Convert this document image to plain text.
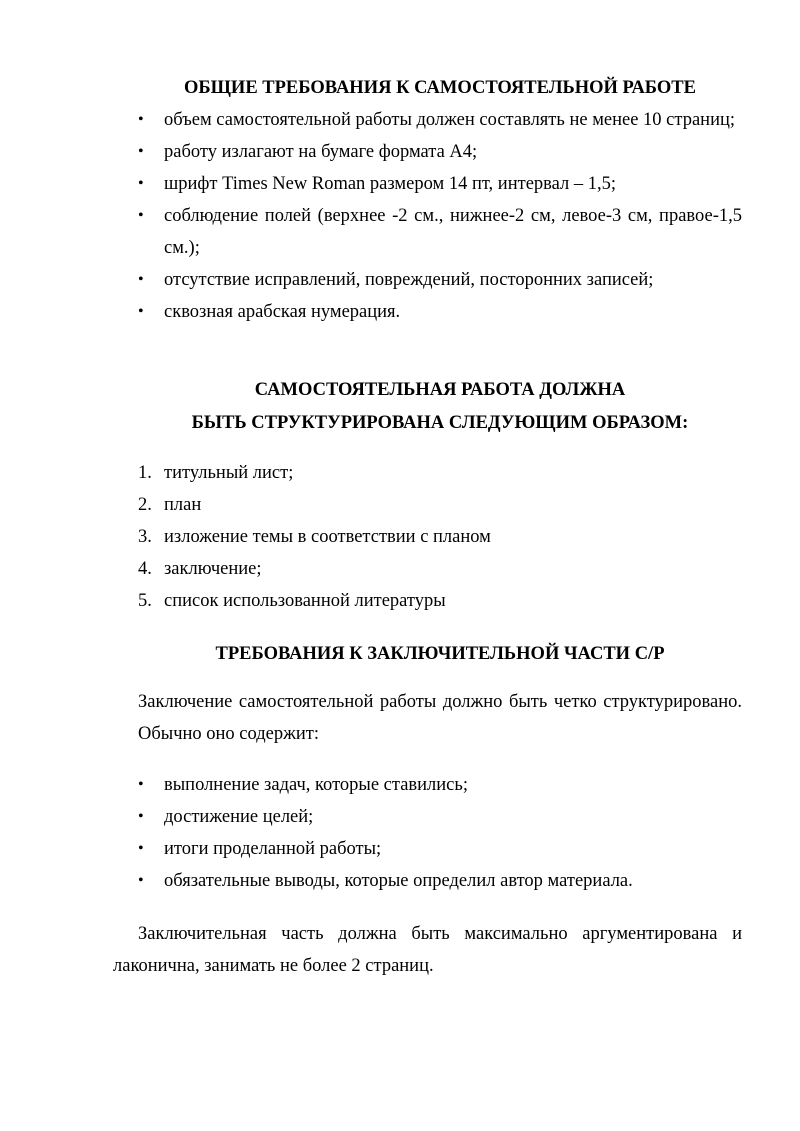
ОБЩИЕ ТРЕБОВАНИЯ К САМОСТОЯТЕЛЬНОЙ РАБОТЕ
• объем самостоятельной работы должен составлять не менее 10 страниц;
• работу излагают на бумаге формата А4;
• шрифт Times New Roman размером 14 пт, интервал – 1,5;
• соблюдение полей (верхнее -2 см., нижнее-2 см, левое-3 см, правое-1,5 см.);
• отсутствие исправлений, повреждений, посторонних записей;
• сквозная арабская нумерация.
САМОСТОЯТЕЛЬНАЯ РАБОТА ДОЛЖНА
БЫТЬ СТРУКТУРИРОВАНА СЛЕДУЮЩИМ ОБРАЗОМ:
1. титульный лист;
2. план
3. изложение темы в соответствии с планом
4. заключение;
5. список использованной литературы
ТРЕБОВАНИЯ К ЗАКЛЮЧИТЕЛЬНОЙ ЧАСТИ С/Р

Заключение самостоятельной работы должно быть четко структурировано. Обычно оно содержит:

• выполнение задач, которые ставились;
• достижение целей;
• итоги проделанной работы;
• обязательные выводы, которые определил автор материала.

Заключительная часть должна быть максимально аргументирована и лаконична, занимать не более 2 страниц.
